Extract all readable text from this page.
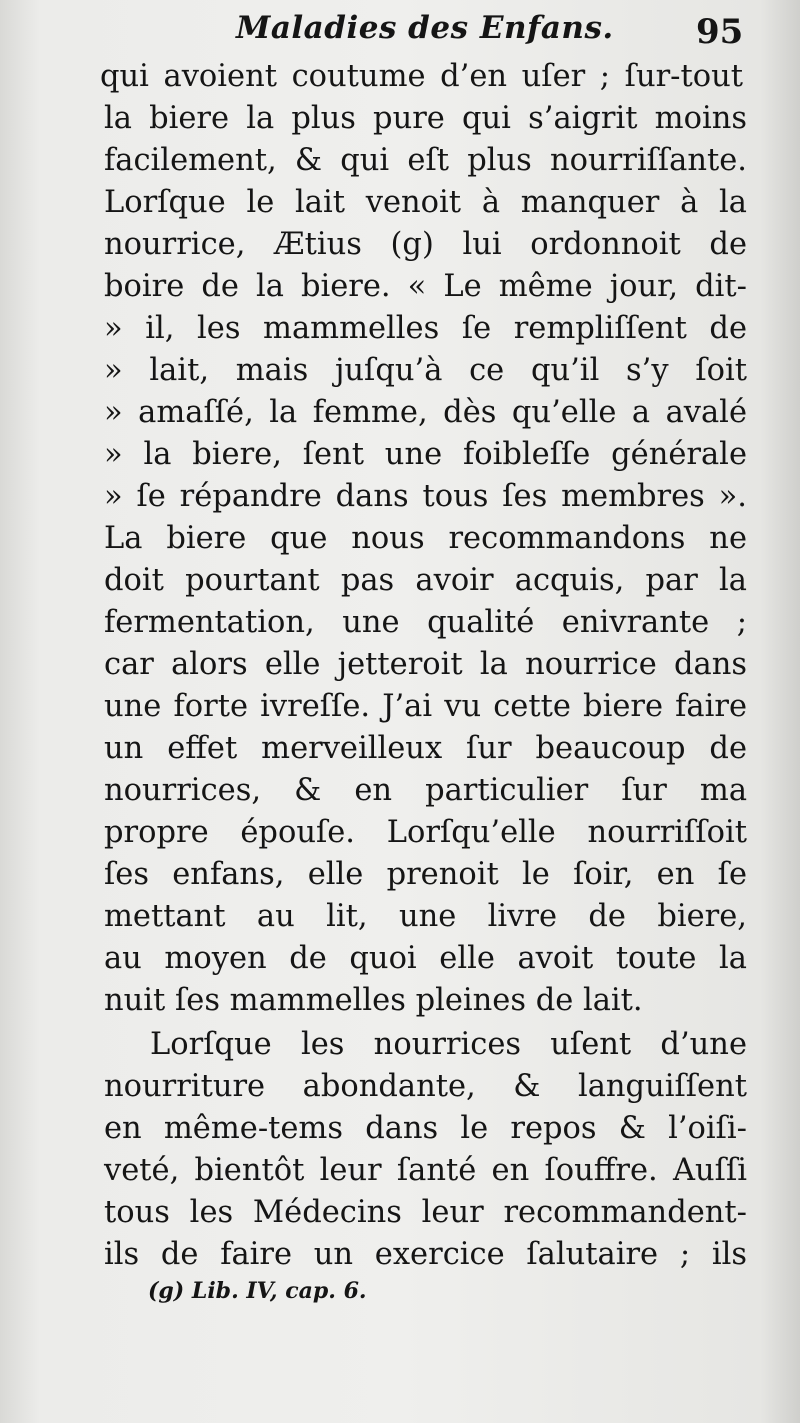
Maladies des Enfans. 95
qui avoient coutume d’en uſer ; ſur-tout
la biere la plus pure qui s’aigrit moins
facilement, & qui eſt plus nourriſſante.
Lorſque le lait venoit à manquer à la
nourrice, Ætius (g) lui ordonnoit de
boire de la biere. « Le même jour, dit-
» il, les mammelles ſe rempliſſent de
» lait, mais juſqu’à ce qu’il s’y ſoit
» amaſſé, la femme, dès qu’elle a avalé
» la biere, ſent une foibleſſe générale
» ſe répandre dans tous ſes membres ».
La biere que nous recommandons ne
doit pourtant pas avoir acquis, par la
fermentation, une qualité enivrante ;
car alors elle jetteroit la nourrice dans
une forte ivreſſe. J’ai vu cette biere faire
un effet merveilleux ſur beaucoup de
nourrices, & en particulier ſur ma
propre épouſe. Lorſqu’elle nourriſſoit
ſes enfans, elle prenoit le ſoir, en ſe
mettant au lit, une livre de biere,
au moyen de quoi elle avoit toute la
nuit ſes mammelles pleines de lait.
Lorſque les nourrices uſent d’une
nourriture abondante, & languiſſent
en même-tems dans le repos & l’oiſi-
veté, bientôt leur ſanté en ſouffre. Auſſi
tous les Médecins leur recommandent-
ils de faire un exercice ſalutaire ; ils
(g) Lib. IV, cap. 6.
